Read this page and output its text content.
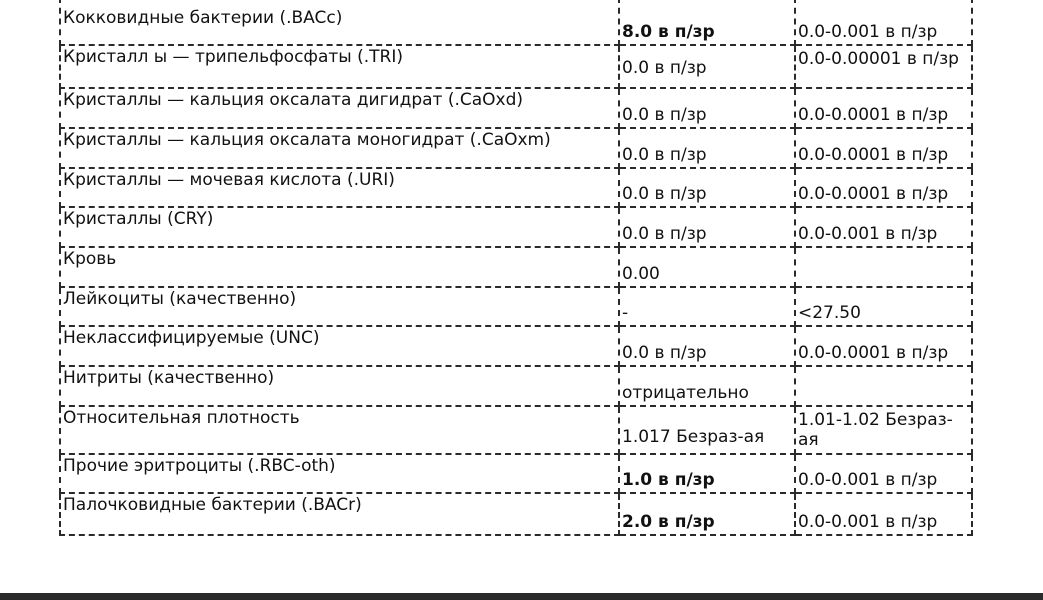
Кокковидные бактерии (.BACc)	8.0 в п/зр	0.0-0.001 в п/зр
Кристалл ы — трипельфосфаты (.TRI)	0.0 в п/зр	0.0-0.00001 в п/зр
Кристаллы — кальция оксалата дигидрат (.CaOxd)	0.0 в п/зр	0.0-0.0001 в п/зр
Кристаллы — кальция оксалата моногидрат (.CaOxm)	0.0 в п/зр	0.0-0.0001 в п/зр
Кристаллы — мочевая кислота (.URI)	0.0 в п/зр	0.0-0.0001 в п/зр
Кристаллы (CRY)	0.0 в п/зр	0.0-0.001 в п/зр
Кровь	0.00	
Лейкоциты (качественно)	-	<27.50
Неклассифицируемые (UNC)	0.0 в п/зр	0.0-0.0001 в п/зр
Нитриты (качественно)	отрицательно	
Относительная плотность	1.017 Безраз-ая	1.01-1.02 Безраз-ая
Прочие эритроциты (.RBC-oth)	1.0 в п/зр	0.0-0.001 в п/зр
Палочковидные бактерии (.BACr)	2.0 в п/зр	0.0-0.001 в п/зр
